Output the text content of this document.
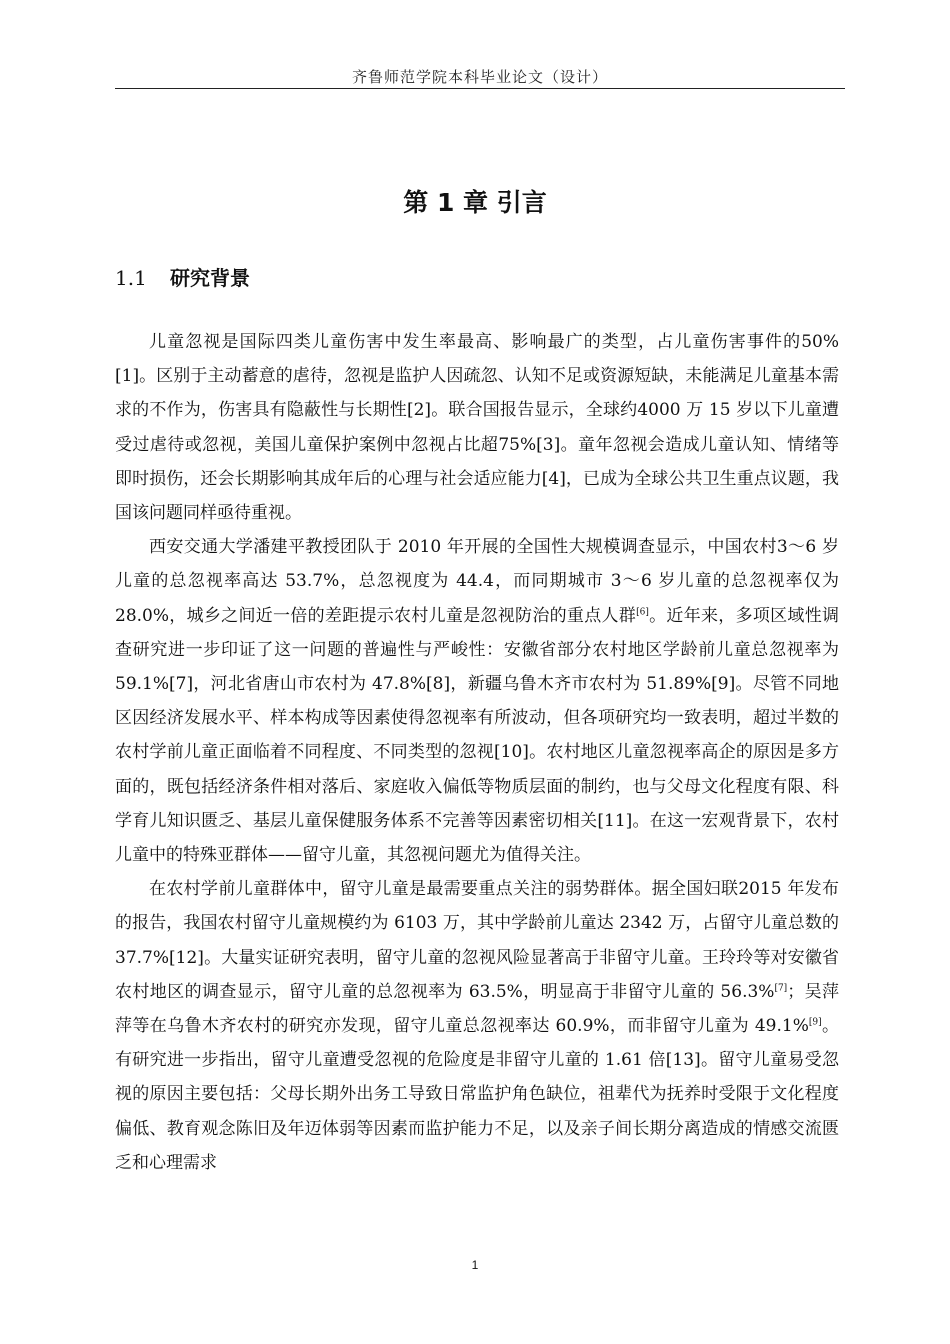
齐鲁师范学院本科毕业论文（设计）
第 1 章 引言
1.1 研究背景

儿童忽视是国际四类儿童伤害中发生率最高、影响最广的类型，占儿童伤害事件的50%[1]。区别于主动蓄意的虐待，忽视是监护人因疏忽、认知不足或资源短缺，未能满足儿童基本需求的不作为，伤害具有隐蔽性与长期性[2]。联合国报告显示，全球约4000 万 15 岁以下儿童遭受过虐待或忽视，美国儿童保护案例中忽视占比超75%[3]。童年忽视会造成儿童认知、情绪等即时损伤，还会长期影响其成年后的心理与社会适应能力[4]，已成为全球公共卫生重点议题，我国该问题同样亟待重视。

西安交通大学潘建平教授团队于 2010 年开展的全国性大规模调查显示，中国农村3～6 岁儿童的总忽视率高达 53.7%，总忽视度为 44.4，而同期城市 3～6 岁儿童的总忽视率仅为 28.0%，城乡之间近一倍的差距提示农村儿童是忽视防治的重点人群[6]。近年来，多项区域性调查研究进一步印证了这一问题的普遍性与严峻性：安徽省部分农村地区学龄前儿童总忽视率为 59.1%[7]，河北省唐山市农村为 47.8%[8]，新疆乌鲁木齐市农村为 51.89%[9]。尽管不同地区因经济发展水平、样本构成等因素使得忽视率有所波动，但各项研究均一致表明，超过半数的农村学前儿童正面临着不同程度、不同类型的忽视[10]。农村地区儿童忽视率高企的原因是多方面的，既包括经济条件相对落后、家庭收入偏低等物质层面的制约，也与父母文化程度有限、科学育儿知识匮乏、基层儿童保健服务体系不完善等因素密切相关[11]。在这一宏观背景下，农村儿童中的特殊亚群体——留守儿童，其忽视问题尤为值得关注。

在农村学前儿童群体中，留守儿童是最需要重点关注的弱势群体。据全国妇联2015 年发布的报告，我国农村留守儿童规模约为 6103 万，其中学龄前儿童达 2342 万，占留守儿童总数的 37.7%[12]。大量实证研究表明，留守儿童的忽视风险显著高于非留守儿童。王玲玲等对安徽省农村地区的调查显示，留守儿童的总忽视率为 63.5%，明显高于非留守儿童的 56.3%[7]；吴萍萍等在乌鲁木齐农村的研究亦发现，留守儿童总忽视率达 60.9%，而非留守儿童为 49.1%[9]。有研究进一步指出，留守儿童遭受忽视的危险度是非留守儿童的 1.61 倍[13]。留守儿童易受忽视的原因主要包括：父母长期外出务工导致日常监护角色缺位，祖辈代为抚养时受限于文化程度偏低、教育观念陈旧及年迈体弱等因素而监护能力不足，以及亲子间长期分离造成的情感交流匮乏和心理需求

1
